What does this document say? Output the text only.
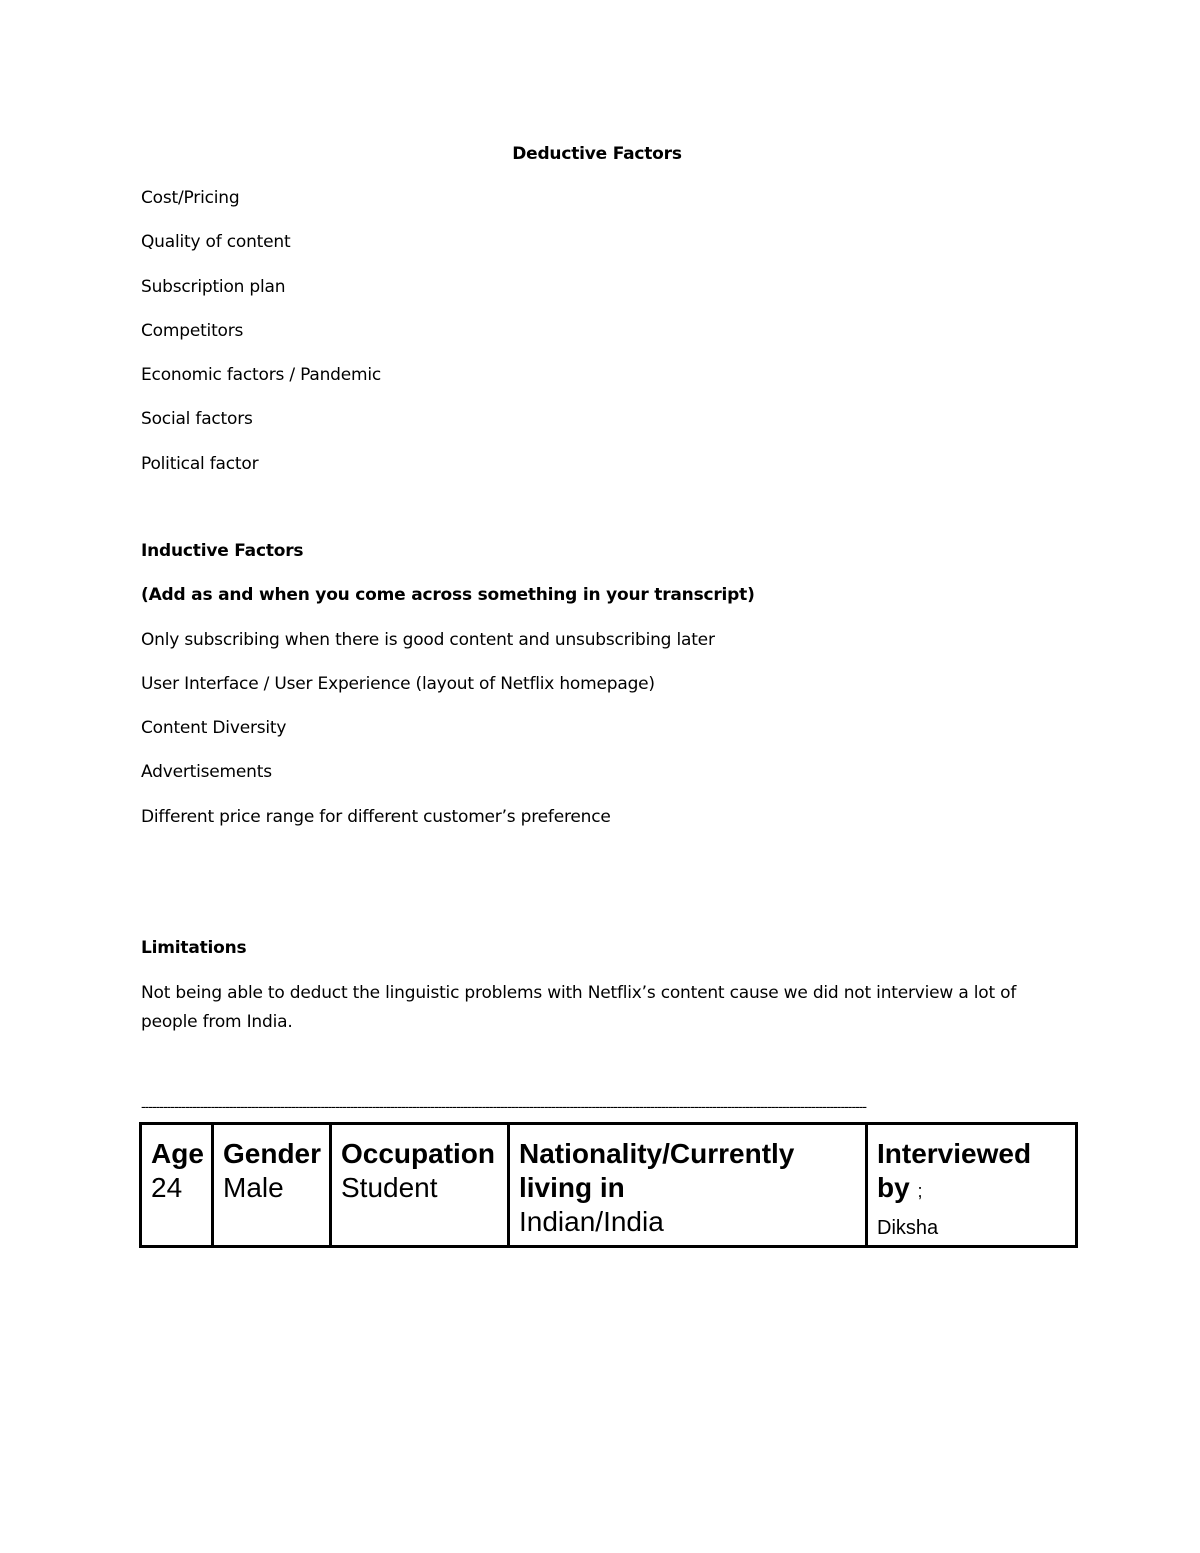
Deductive Factors
Cost/Pricing
Quality of content
Subscription plan
Competitors
Economic factors / Pandemic
Social factors
Political factor
Inductive Factors
(Add as and when you come across something in your transcript)
Only subscribing when there is good content and unsubscribing later
User Interface / User Experience (layout of Netflix homepage)
Content Diversity
Advertisements
Different price range for different customer’s preference
Limitations
Not being able to deduct the linguistic problems with Netflix’s content cause we did not interview a lot of people from India.
------------------------------------------------------------------------------------------------------------------------------------------------------------------------------------------------------
Age
24

Gender
Male

Occupation
Student

Nationality/Currently living in
Indian/India

Interviewed by ;
Diksha
